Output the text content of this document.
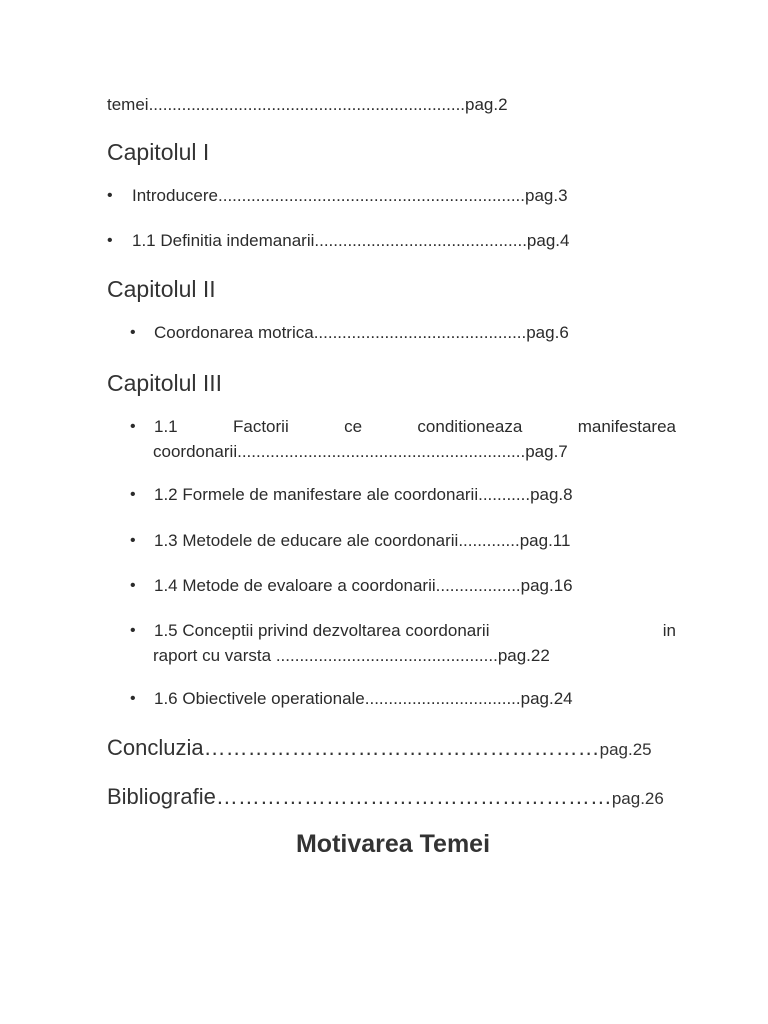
temei...................................................................pag.2
Capitolul I
• Introducere.................................................................pag.3
• 1.1 Definitia indemanarii.............................................pag.4
Capitolul II
• Coordonarea motrica.............................................pag.6
Capitolul III
• 1.1	Factorii	ce	conditioneaza	manifestarea
coordonarii.............................................................pag.7
• 1.2 Formele de manifestare ale coordonarii...........pag.8
• 1.3 Metodele de educare ale coordonarii.............pag.11
• 1.4 Metode de evaloare a coordonarii..................pag.16
• 1.5 Conceptii privind dezvoltarea coordonarii	in
raport cu varsta ...............................................pag.22
• 1.6 Obiectivele operationale.................................pag.24
Concluzia………………………………………………pag.25
Bibliografie………………………………………………pag.26
Motivarea Temei
